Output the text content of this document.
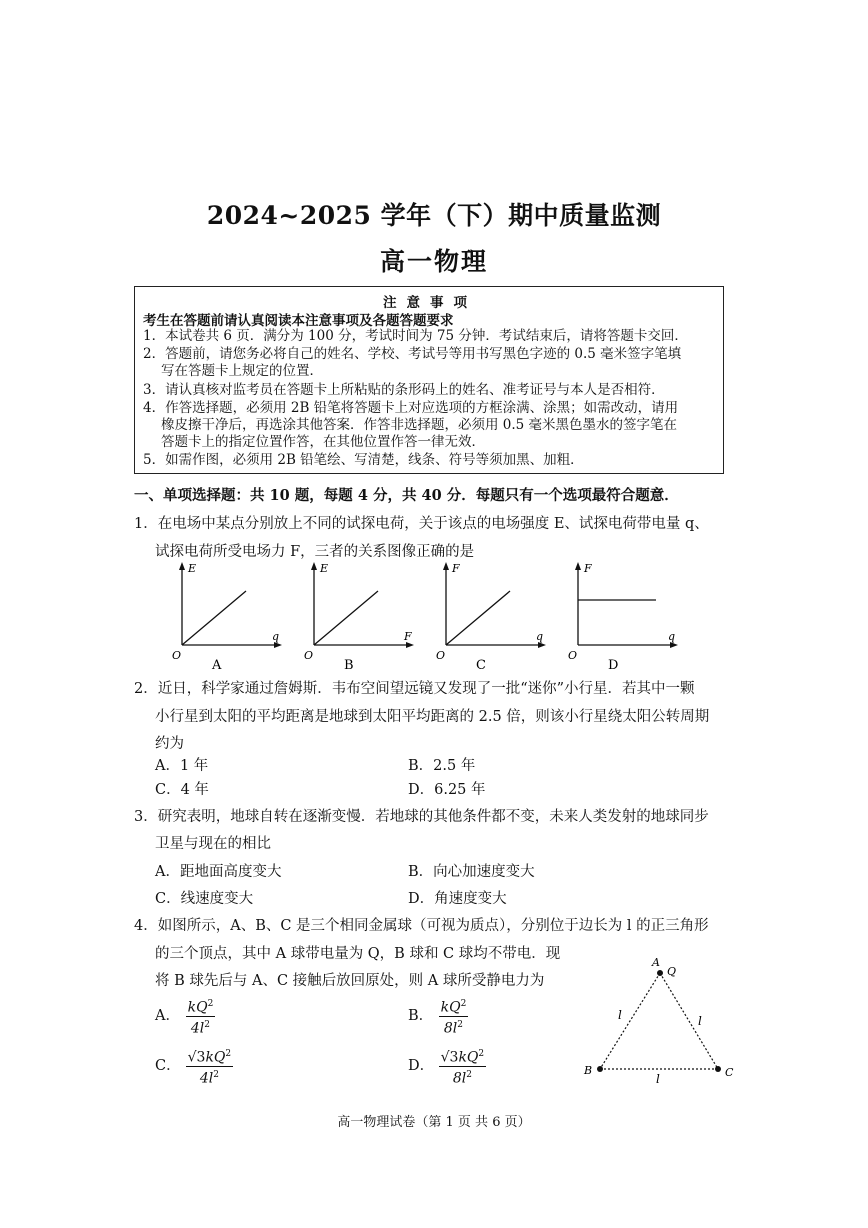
2024~2025 学年（下）期中质量监测
高一物理
注意事项
考生在答题前请认真阅读本注意事项及各题答题要求
1．本试卷共 6 页．满分为 100 分，考试时间为 75 分钟．考试结束后，请将答题卡交回．
2．答题前，请您务必将自己的姓名、学校、考试号等用书写黑色字迹的 0.5 毫米签字笔填
写在答题卡上规定的位置．
3．请认真核对监考员在答题卡上所粘贴的条形码上的姓名、准考证号与本人是否相符．
4．作答选择题，必须用 2B 铅笔将答题卡上对应选项的方框涂满、涂黑；如需改动，请用
橡皮擦干净后，再选涂其他答案．作答非选择题，必须用 0.5 毫米黑色墨水的签字笔在
答题卡上的指定位置作答，在其他位置作答一律无效．
5．如需作图，必须用 2B 铅笔绘、写清楚，线条、符号等须加黑、加粗．
一、单项选择题：共 10 题，每题 4 分，共 40 分．每题只有一个选项最符合题意．
1．在电场中某点分别放上不同的试探电荷，关于该点的电场强度 E、试探电荷带电量 q、
试探电荷所受电场力 F，三者的关系图像正确的是
E
q
O
A
E
F
O
B
F
q
O
C
F
q
O
D
2．近日，科学家通过詹姆斯．韦布空间望远镜又发现了一批“迷你”小行星．若其中一颗
小行星到太阳的平均距离是地球到太阳平均距离的 2.5 倍，则该小行星绕太阳公转周期
约为
A．1 年	B．2.5 年
C．4 年	D．6.25 年
3．研究表明，地球自转在逐渐变慢．若地球的其他条件都不变，未来人类发射的地球同步
卫星与现在的相比
A．距地面高度变大	B．向心加速度变大
C．线速度变大	D．角速度变大
4．如图所示，A、B、C 是三个相同金属球（可视为质点），分别位于边长为 l 的正三角形
的三个顶点，其中 A 球带电量为 Q，B 球和 C 球均不带电．现
将 B 球先后与 A、C 接触后放回原处，则 A 球所受静电力为
A． $\frac{kQ^2}{4l^2}$	B． $\frac{kQ^2}{8l^2}$
C． $\frac{√3kQ^2}{4l^2}$	D． $\frac{√3kQ^2}{8l^2}$
A
Q
B	C
l	l
l
高一物理试卷（第 1 页 共 6 页）
